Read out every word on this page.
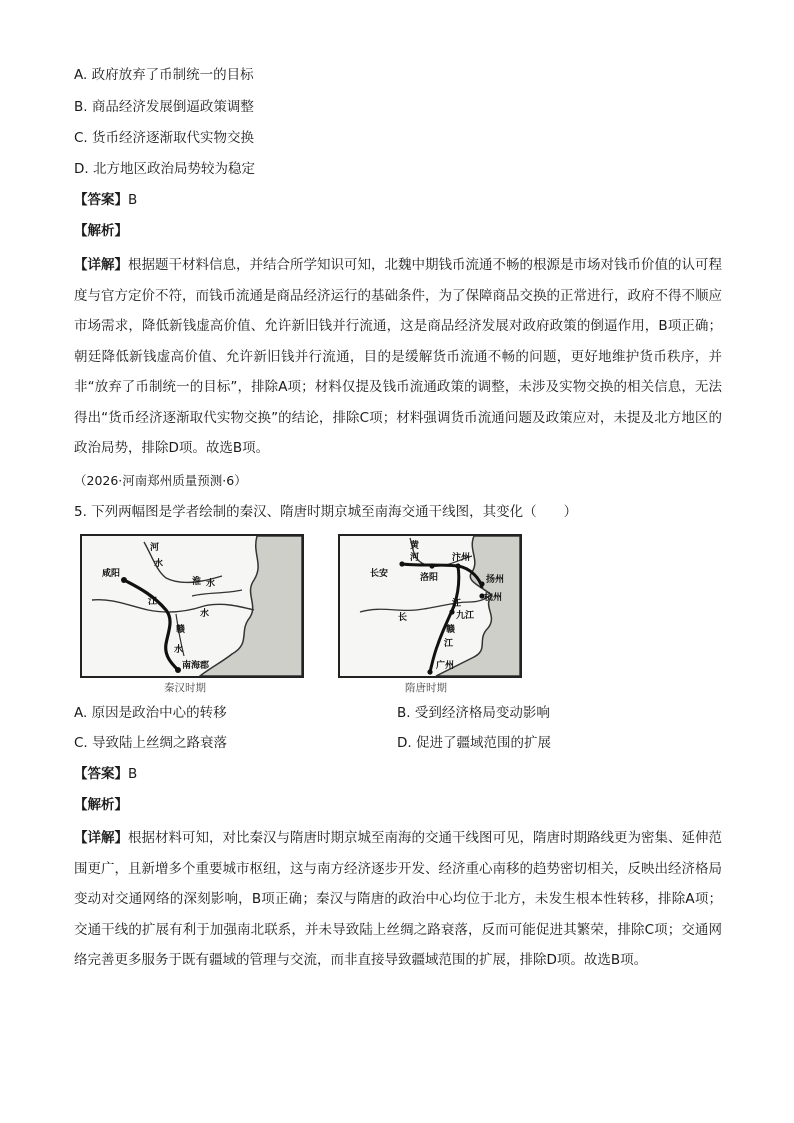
A. 政府放弃了币制统一的目标
B. 商品经济发展倒逼政策调整
C. 货币经济逐渐取代实物交换
D. 北方地区政治局势较为稳定
【答案】B
【解析】
【详解】根据题干材料信息，并结合所学知识可知，北魏中期钱币流通不畅的根源是市场对钱币价值的认可程度与官方定价不符，而钱币流通是商品经济运行的基础条件，为了保障商品交换的正常进行，政府不得不顺应市场需求，降低新钱虚高价值、允许新旧钱并行流通，这是商品经济发展对政府政策的倒逼作用，B项正确；朝廷降低新钱虚高价值、允许新旧钱并行流通，目的是缓解货币流通不畅的问题，更好地维护货币秩序，并非“放弃了币制统一的目标”，排除A项；材料仅提及钱币流通政策的调整，未涉及实物交换的相关信息，无法得出“货币经济逐渐取代实物交换”的结论，排除C项；材料强调货币流通问题及政策应对，未提及北方地区的政治局势，排除D项。故选B项。
（2026·河南郑州质量预测·6）
5. 下列两幅图是学者绘制的秦汉、隋唐时期京城至南海交通干线图，其变化（　　）
咸阳
河
水
淮 水
江
水
赣
水
南海郡
秦汉时期
黄
河
长安	洛阳
汴州
扬州
杭州
长
江
九江
赣
江
广州
隋唐时期
A. 原因是政治中心的转移	B. 受到经济格局变动影响
C. 导致陆上丝绸之路衰落	D. 促进了疆域范围的扩展
【答案】B
【解析】
【详解】根据材料可知，对比秦汉与隋唐时期京城至南海的交通干线图可见，隋唐时期路线更为密集、延伸范围更广，且新增多个重要城市枢纽，这与南方经济逐步开发、经济重心南移的趋势密切相关，反映出经济格局变动对交通网络的深刻影响，B项正确；秦汉与隋唐的政治中心均位于北方，未发生根本性转移，排除A项；交通干线的扩展有利于加强南北联系，并未导致陆上丝绸之路衰落，反而可能促进其繁荣，排除C项；交通网络完善更多服务于既有疆域的管理与交流，而非直接导致疆域范围的扩展，排除D项。故选B项。
